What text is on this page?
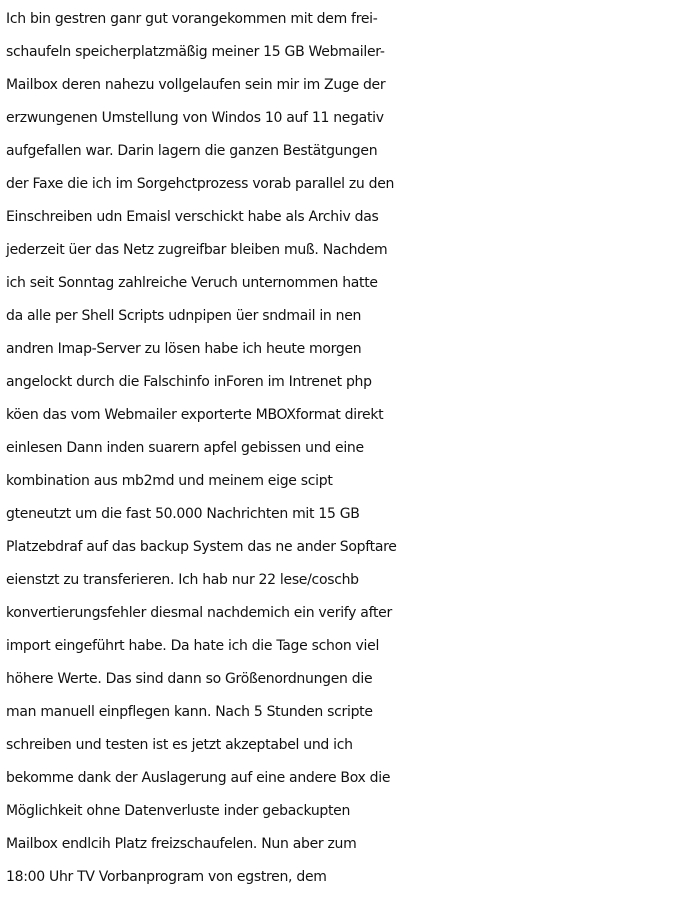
Ich bin gestren ganr gut vorangekommen mit dem frei-
schaufeln speicherplatzmäßig meiner 15 GB Webmailer-
Mailbox deren nahezu vollgelaufen sein mir im Zuge der
erzwungenen Umstellung von Windos 10 auf 11 negativ
aufgefallen war. Darin lagern die ganzen Bestätgungen
der Faxe die ich im Sorgehctprozess vorab parallel zu den
Einschreiben udn Emaisl verschickt habe als Archiv das
jederzeit üer das Netz zugreifbar bleiben muß. Nachdem
ich seit Sonntag zahlreiche Veruch unternommen hatte
da alle per Shell Scripts udnpipen üer sndmail in nen
andren Imap-Server zu lösen habe ich heute morgen
angelockt durch die Falschinfo inForen im Intrenet php
köen das vom Webmailer exporterte MBOXformat direkt
einlesen Dann inden suarern apfel gebissen und eine
kombination aus mb2md und meinem eige scipt
gteneutzt um die fast 50.000 Nachrichten mit 15 GB
Platzebdraf auf das backup System das ne ander Sopftare
eienstzt zu transferieren. Ich hab nur 22 lese/coschb
konvertierungsfehler diesmal nachdemich ein verify after
import eingeführt habe. Da hate ich die Tage schon viel
höhere Werte. Das sind dann so Größenordnungen die
man manuell einpflegen kann. Nach 5 Stunden scripte
schreiben und testen ist es jetzt akzeptabel und ich
bekomme dank der Auslagerung auf eine andere Box die
Möglichkeit ohne Datenverluste inder gebackupten
Mailbox endlcih Platz freizschaufelen. Nun aber zum
18:00 Uhr TV Vorbanprogram von egstren, dem
